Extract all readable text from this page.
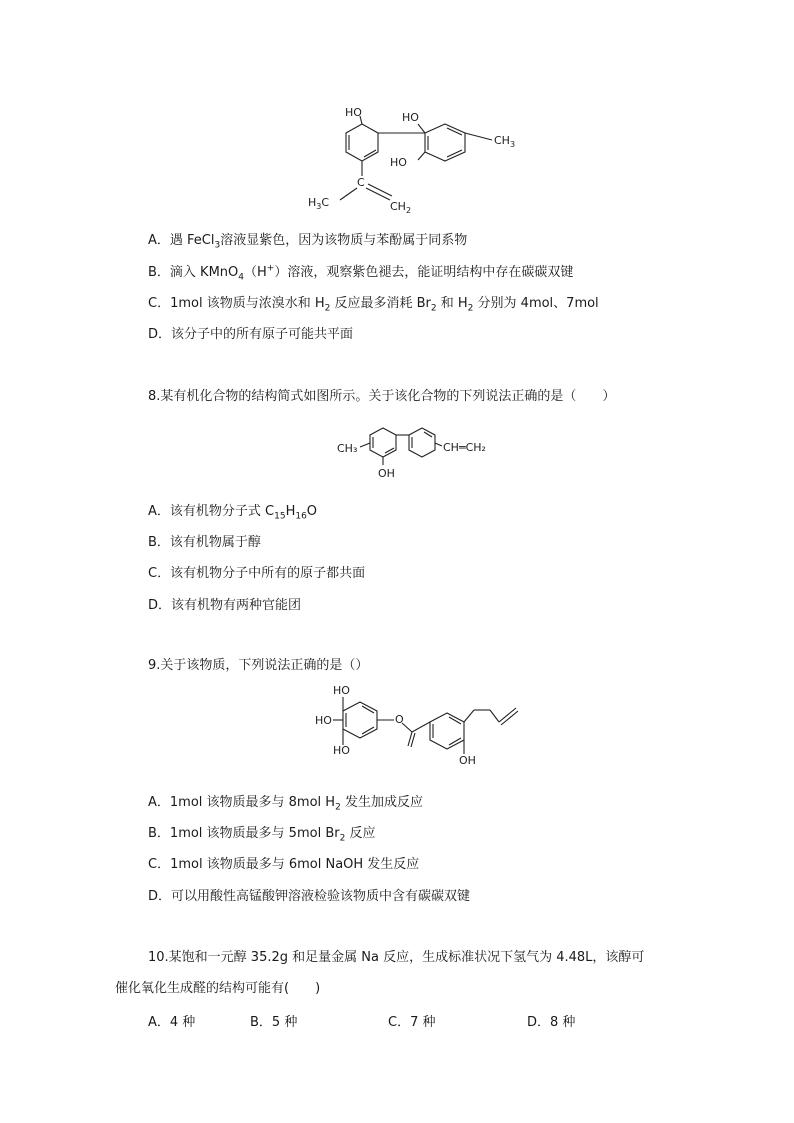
HO	HO
HO
$CH_3$
C
$H_3C$	$CH_2$
A．遇 FeCl$_3$溶液显紫色，因为该物质与苯酚属于同系物
B．滴入 KMnO$_4$（H+）溶液，观察紫色褪去，能证明结构中存在碳碳双键
C．1mol 该物质与浓溴水和 $H_2$ 反应最多消耗 $Br_2$ 和 $H_2$ 分别为 4mol、7mol
D．该分子中的所有原子可能共平面
8.某有机化合物的结构简式如图所示。关于该化合物的下列说法正确的是（　　）
CH₃
OH
CH═CH₂
A．该有机物分子式 $C_{15}H_{16}O$
B．该有机物属于醇
C．该有机物分子中所有的原子都共面
D．该有机物有两种官能团
9.关于该物质，下列说法正确的是（）
HO
HO
HO
O
OH
A．1mol 该物质最多与 8mol $H_2$ 发生加成反应
B．1mol 该物质最多与 5mol $Br_2$ 反应
C．1mol 该物质最多与 6mol NaOH 发生反应
D．可以用酸性高锰酸钾溶液检验该物质中含有碳碳双键
10.某饱和一元醇 35.2g 和足量金属 Na 反应，生成标准状况下氢气为 4.48L，该醇可
催化氧化生成醛的结构可能有(　　)
A．4 种	B．5 种	C．7 种	D．8 种
